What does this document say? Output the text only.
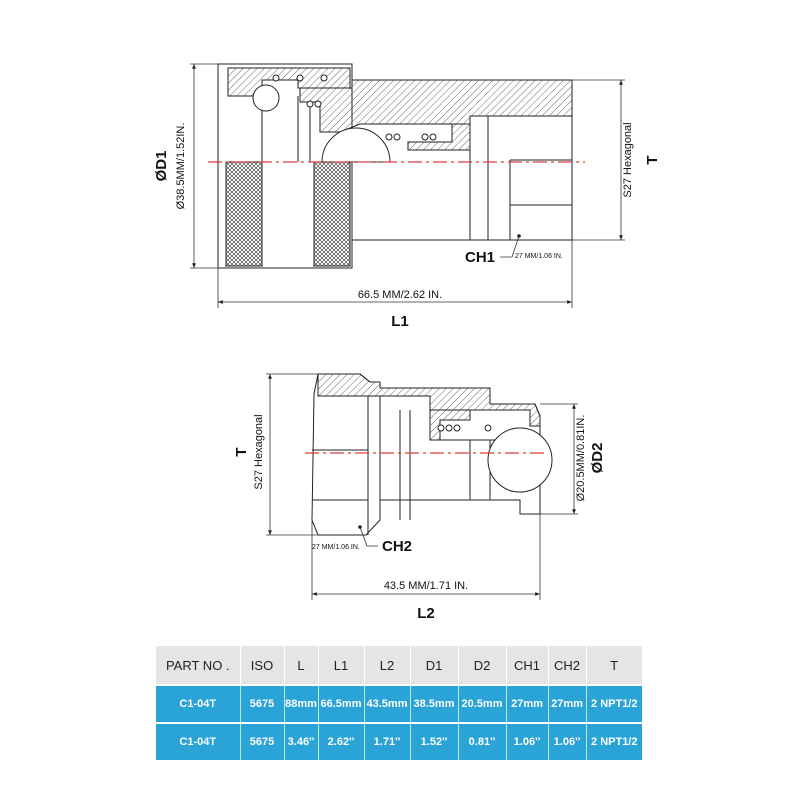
ØD1 Ø38.5MM/1.52IN.	S27 Hexagonal T
CH1	27 MM/1.06 IN.
66.5 MM/2.62 IN.
L1
T S27 Hexagonal	Ø20.5MM/0.81IN. ØD2
27 MM/1.06 IN. CH2
43.5 MM/1.71 IN.
L2
PART NO .	ISO	L	L1	L2	D1	D2	CH1	CH2	T
C1-04T	5675	88mm	66.5mm	43.5mm	38.5mm	20.5mm	27mm	27mm	2 NPT1/2
C1-04T	5675	3.46''	2.62''	1.71''	1.52''	0.81''	1.06''	1.06''	2 NPT1/2
